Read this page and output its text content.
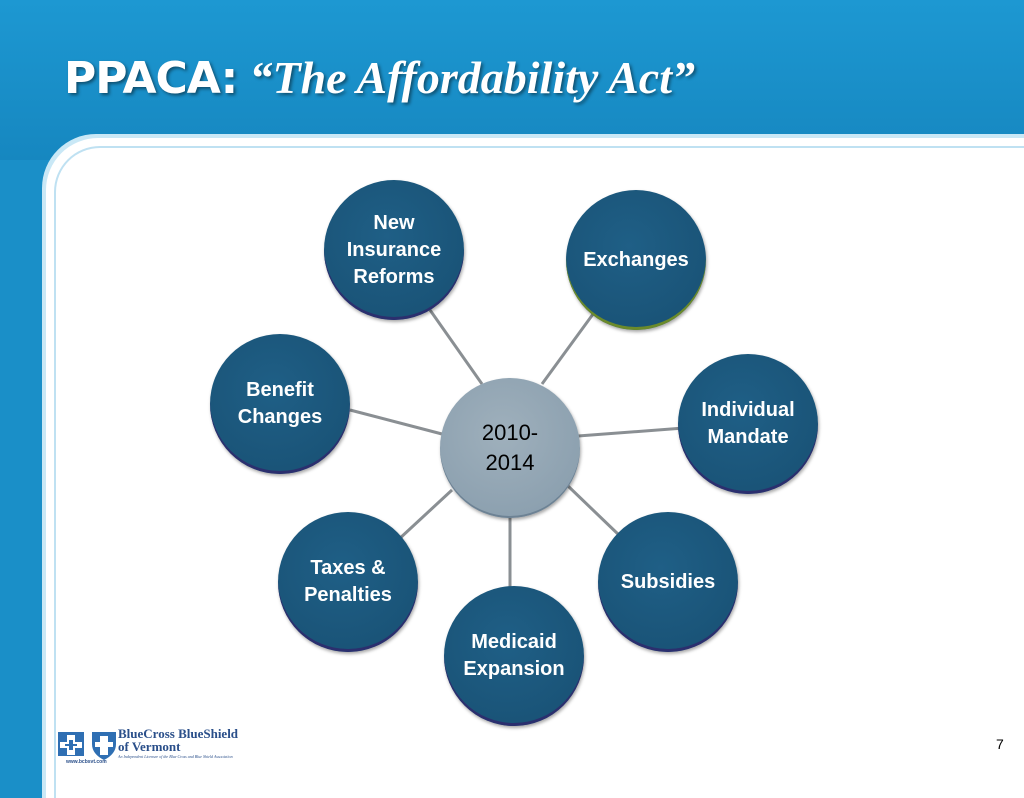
PPACA: “The Affordability Act”
New
Insurance
Reforms
Exchanges
Individual
Mandate
Subsidies
Medicaid
Expansion
Taxes &
Penalties
Benefit
Changes
2010-
2014
BlueCross BlueShield
of Vermont
An Independent Licensee of the Blue Cross and Blue Shield Association
www.bcbsvt.com
7
